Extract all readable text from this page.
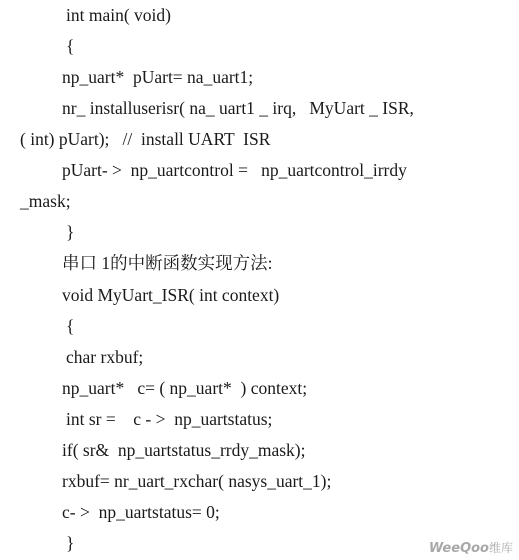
int main( void)
{
np_uart*  pUart= na_uart1;
nr_ installuserisr( na_ uart1 _ irq,   MyUart _ ISR,
( int) pUart);   //  install UART  ISR
pUart- >  np_uartcontrol =   np_uartcontrol_irrdy
_mask;
}
串口 1的中断函数实现方法:
void MyUart_ISR( int context)
{
char rxbuf;
np_uart*   c= ( np_uart*  ) context;
int sr =    c - >  np_uartstatus;
if( sr&  np_uartstatus_rrdy_mask);
rxbuf= nr_uart_rxchar( nasys_uart_1);
c- >  np_uartstatus= 0;
}	WeeQoo维库
